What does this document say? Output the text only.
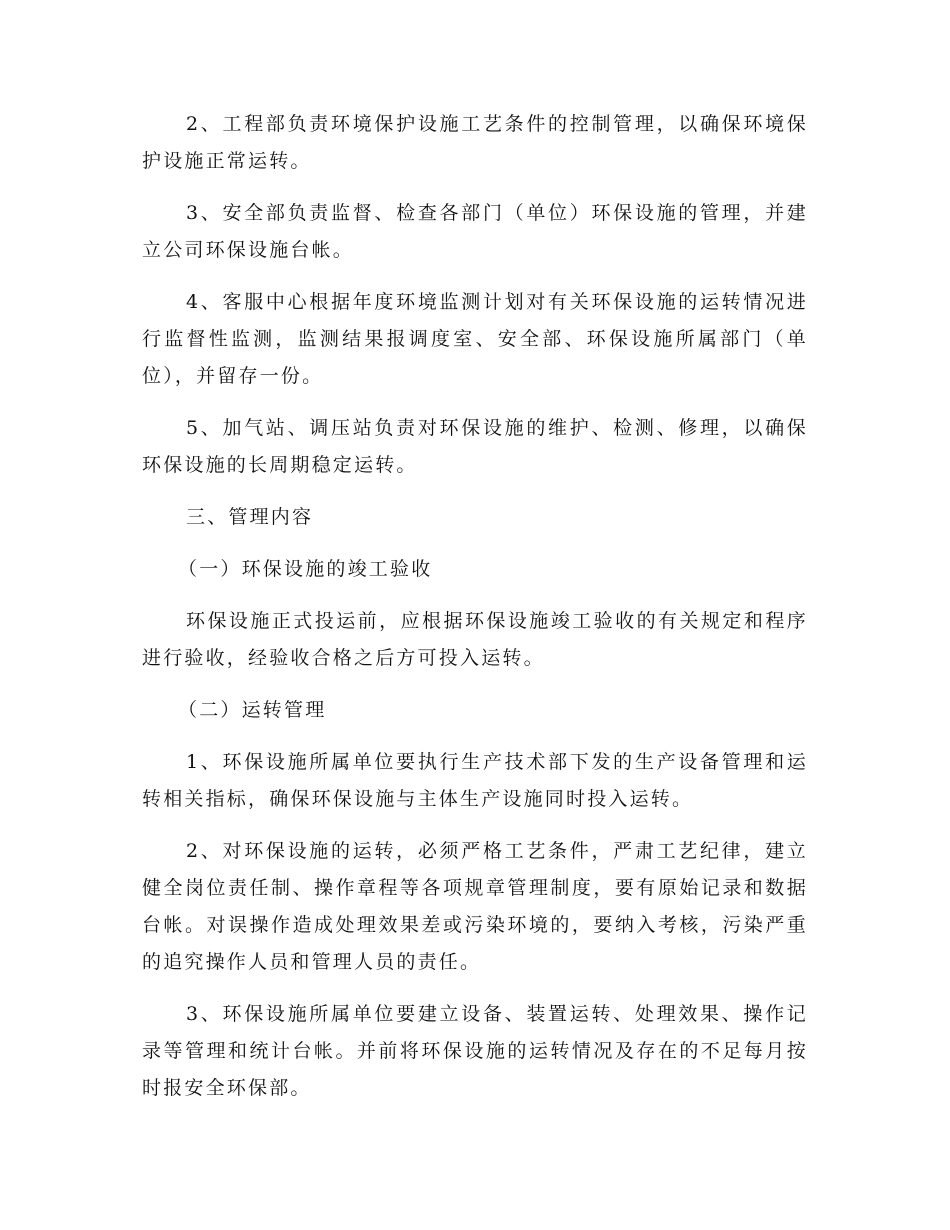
2、工程部负责环境保护设施工艺条件的控制管理，以确保环境保护设施正常运转。

3、安全部负责监督、检查各部门（单位）环保设施的管理，并建立公司环保设施台帐。

4、客服中心根据年度环境监测计划对有关环保设施的运转情况进行监督性监测，监测结果报调度室、安全部、环保设施所属部门（单位），并留存一份。

5、加气站、调压站负责对环保设施的维护、检测、修理，以确保环保设施的长周期稳定运转。

三、管理内容

（一）环保设施的竣工验收

环保设施正式投运前，应根据环保设施竣工验收的有关规定和程序进行验收，经验收合格之后方可投入运转。

（二）运转管理

1、环保设施所属单位要执行生产技术部下发的生产设备管理和运转相关指标，确保环保设施与主体生产设施同时投入运转。

2、对环保设施的运转，必须严格工艺条件，严肃工艺纪律，建立健全岗位责任制、操作章程等各项规章管理制度，要有原始记录和数据台帐。对误操作造成处理效果差或污染环境的，要纳入考核，污染严重的追究操作人员和管理人员的责任。

3、环保设施所属单位要建立设备、装置运转、处理效果、操作记录等管理和统计台帐。并前将环保设施的运转情况及存在的不足每月按时报安全环保部。
